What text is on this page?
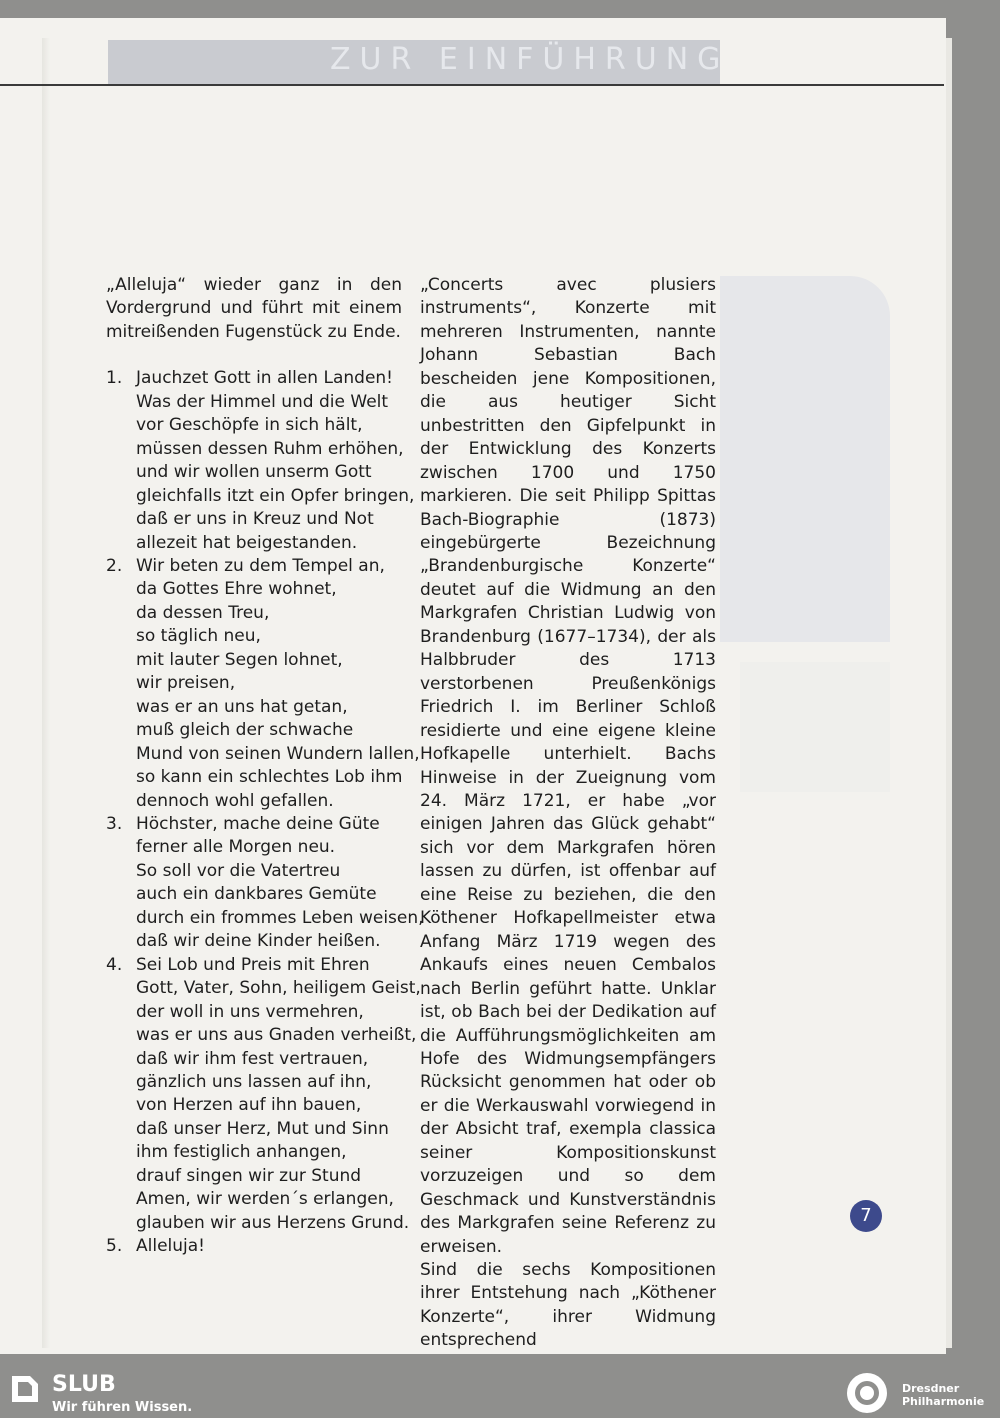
ZUR EINFÜHRUNG

„Alleluja“ wieder ganz in den Vordergrund und führt mit einem mitreißenden Fugenstück zu Ende.

1. Jauchzet Gott in allen Landen!
Was der Himmel und die Welt
vor Geschöpfe in sich hält,
müssen dessen Ruhm erhöhen,
und wir wollen unserm Gott
gleichfalls itzt ein Opfer bringen,
daß er uns in Kreuz und Not
allezeit hat beigestanden.
2. Wir beten zu dem Tempel an,
da Gottes Ehre wohnet,
da dessen Treu,
so täglich neu,
mit lauter Segen lohnet,
wir preisen,
was er an uns hat getan,
muß gleich der schwache
Mund von seinen Wundern lallen,
so kann ein schlechtes Lob ihm
dennoch wohl gefallen.
3. Höchster, mache deine Güte
ferner alle Morgen neu.
So soll vor die Vatertreu
auch ein dankbares Gemüte
durch ein frommes Leben weisen,
daß wir deine Kinder heißen.
4. Sei Lob und Preis mit Ehren
Gott, Vater, Sohn, heiligem Geist,
der woll in uns vermehren,
was er uns aus Gnaden verheißt,
daß wir ihm fest vertrauen,
gänzlich uns lassen auf ihn,
von Herzen auf ihn bauen,
daß unser Herz, Mut und Sinn
ihm festiglich anhangen,
drauf singen wir zur Stund
Amen, wir werden´s erlangen,
glauben wir aus Herzens Grund.
5. Alleluja!

„Concerts avec plusiers instruments“, Konzerte mit mehreren Instrumenten, nannte Johann Sebastian Bach bescheiden jene Kompositionen, die aus heutiger Sicht unbestritten den Gipfelpunkt in der Entwicklung des Konzerts zwischen 1700 und 1750 markieren. Die seit Philipp Spittas Bach-Biographie (1873) eingebürgerte Bezeichnung „Brandenburgische Konzerte“ deutet auf die Widmung an den Markgrafen Christian Ludwig von Brandenburg (1677–1734), der als Halbbruder des 1713 verstorbenen Preußenkönigs Friedrich I. im Berliner Schloß residierte und eine eigene kleine Hofkapelle unterhielt. Bachs Hinweise in der Zueignung vom 24. März 1721, er habe „vor einigen Jahren das Glück gehabt“ sich vor dem Markgrafen hören lassen zu dürfen, ist offenbar auf eine Reise zu beziehen, die den Köthener Hofkapellmeister etwa Anfang März 1719 wegen des Ankaufs eines neuen Cembalos nach Berlin geführt hatte. Unklar ist, ob Bach bei der Dedikation auf die Aufführungsmöglichkeiten am Hofe des Widmungsempfängers Rücksicht genommen hat oder ob er die Werkauswahl vorwiegend in der Absicht traf, exempla classica seiner Kompositionskunst vorzuzeigen und so dem Geschmack und Kunstverständnis des Markgrafen seine Referenz zu erweisen.

Sind die sechs Kompositionen ihrer Entstehung nach „Köthener Konzerte“, ihrer Widmung entsprechend

7
SLUB
Wir führen Wissen.
Dresdner
Philharmonie
